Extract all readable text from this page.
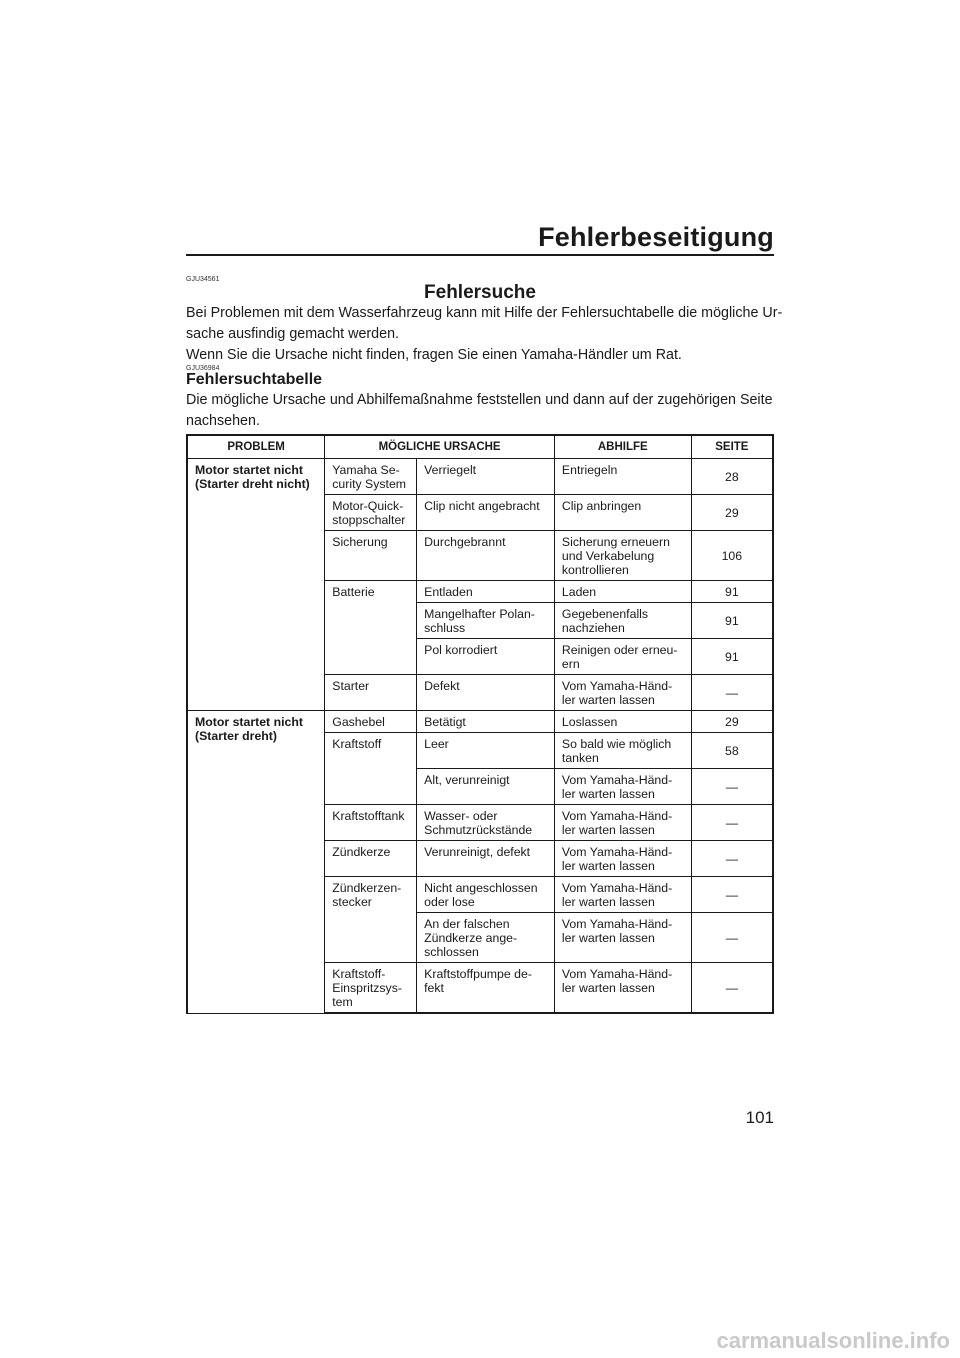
Fehlerbeseitigung
GJU34561
Fehlersuche
Bei Problemen mit dem Wasserfahrzeug kann mit Hilfe der Fehlersuchtabelle die mögliche Ur-
sache ausfindig gemacht werden.
Wenn Sie die Ursache nicht finden, fragen Sie einen Yamaha-Händler um Rat.
GJU36984
Fehlersuchtabelle
Die mögliche Ursache und Abhilfemaßnahme feststellen und dann auf der zugehörigen Seite
nachsehen.
PROBLEM	MÖGLICHE URSACHE		ABHILFE	SEITE

Motor startet nicht
(Starter dreht nicht)	Yamaha Se-
curity System	Verriegelt	Entriegeln	28

	Motor-Quick-
stoppschalter	Clip nicht angebracht	Clip anbringen	29

	Sicherung	Durchgebrannt	Sicherung erneuern
und Verkabelung
kontrollieren	106

	Batterie	Entladen	Laden	91

		Mangelhafter Polan-
schluss	Gegebenenfalls
nachziehen	91

		Pol korrodiert	Reinigen oder erneu-
ern	91

	Starter	Defekt	Vom Yamaha-Händ-
ler warten lassen	—

Motor startet nicht
(Starter dreht)	Gashebel	Betätigt	Loslassen	29

	Kraftstoff	Leer	So bald wie möglich
tanken	58

		Alt, verunreinigt	Vom Yamaha-Händ-
ler warten lassen	—

	Kraftstofftank	Wasser- oder
Schmutzrückstände	Vom Yamaha-Händ-
ler warten lassen	—

	Zündkerze	Verunreinigt, defekt	Vom Yamaha-Händ-
ler warten lassen	—

	Zündkerzen-
stecker	Nicht angeschlossen
oder lose	Vom Yamaha-Händ-
ler warten lassen	—

		An der falschen
Zündkerze ange-
schlossen	Vom Yamaha-Händ-
ler warten lassen	—

	Kraftstoff-
Einspritzsys-
tem	Kraftstoffpumpe de-
fekt	Vom Yamaha-Händ-
ler warten lassen	—
101
carmanualsonline.info
